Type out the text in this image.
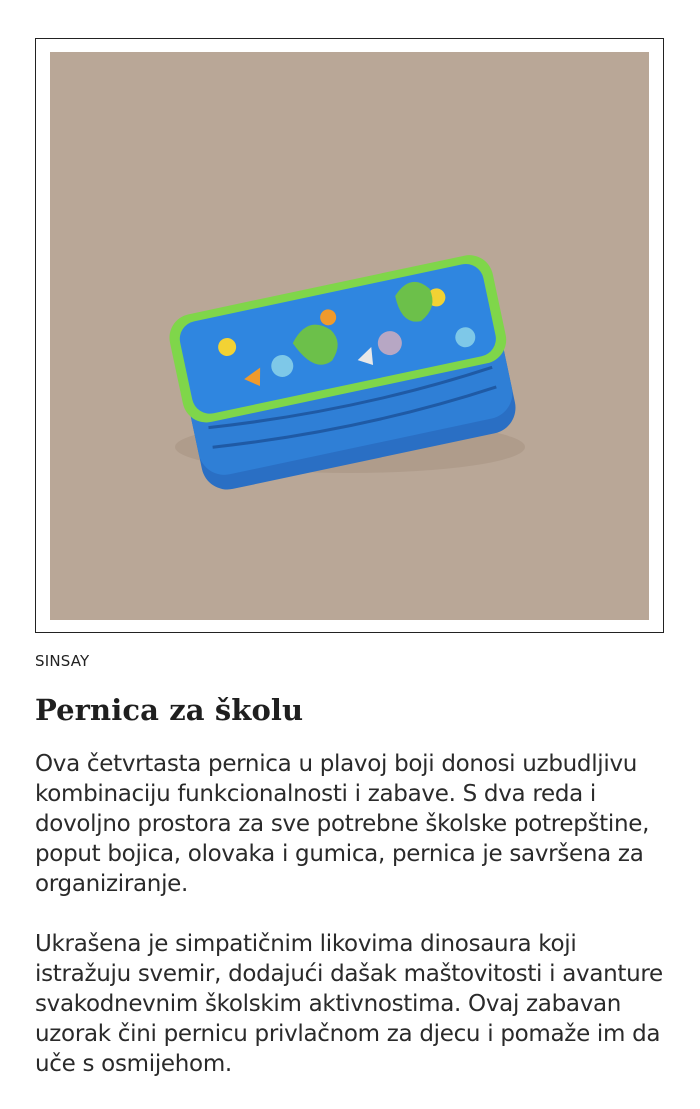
SINSAY

Pernica za školu

Ova četvrtasta pernica u plavoj boji donosi uzbudljivu kombinaciju funkcionalnosti i zabave. S dva reda i dovoljno prostora za sve potrebne školske potrepštine, poput bojica, olovaka i gumica, pernica je savršena za organiziranje.

Ukrašena je simpatičnim likovima dinosaura koji istražuju svemir, dodajući dašak maštovitosti i avanture svakodnevnim školskim aktivnostima. Ovaj zabavan uzorak čini pernicu privlačnom za djecu i pomaže im da uče s osmijehom.
